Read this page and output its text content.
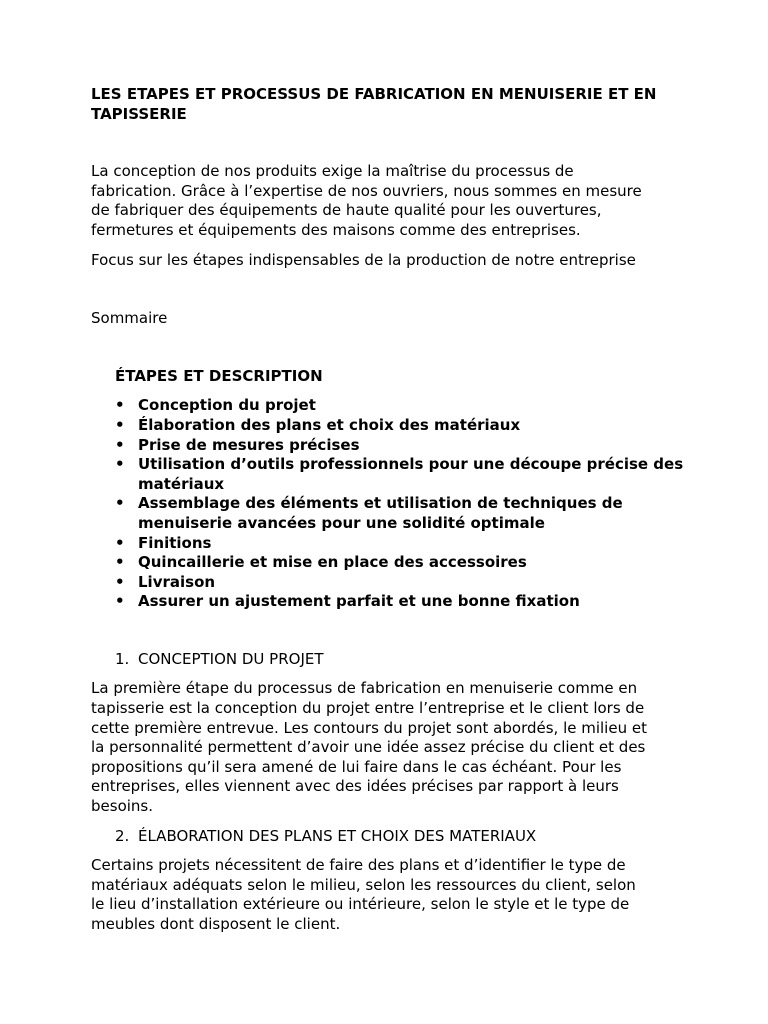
LES ETAPES ET PROCESSUS DE FABRICATION EN MENUISERIE ET EN TAPISSERIE

La conception de nos produits exige la maîtrise du processus de
fabrication. Grâce à l’expertise de nos ouvriers, nous sommes en mesure
de fabriquer des équipements de haute qualité pour les ouvertures,
fermetures et équipements des maisons comme des entreprises.

Focus sur les étapes indispensables de la production de notre entreprise

Sommaire

ÉTAPES ET DESCRIPTION

• Conception du projet
• Élaboration des plans et choix des matériaux
• Prise de mesures précises
• Utilisation d’outils professionnels pour une découpe précise des matériaux
• Assemblage des éléments et utilisation de techniques de menuiserie avancées pour une solidité optimale
• Finitions
• Quincaillerie et mise en place des accessoires
• Livraison
• Assurer un ajustement parfait et une bonne fixation

1. CONCEPTION DU PROJET

La première étape du processus de fabrication en menuiserie comme en
tapisserie est la conception du projet entre l’entreprise et le client lors de
cette première entrevue. Les contours du projet sont abordés, le milieu et
la personnalité permettent d’avoir une idée assez précise du client et des
propositions qu’il sera amené de lui faire dans le cas échéant. Pour les
entreprises, elles viennent avec des idées précises par rapport à leurs
besoins.

2. ÉLABORATION DES PLANS ET CHOIX DES MATERIAUX

Certains projets nécessitent de faire des plans et d’identifier le type de
matériaux adéquats selon le milieu, selon les ressources du client, selon
le lieu d’installation extérieure ou intérieure, selon le style et le type de
meubles dont disposent le client.
